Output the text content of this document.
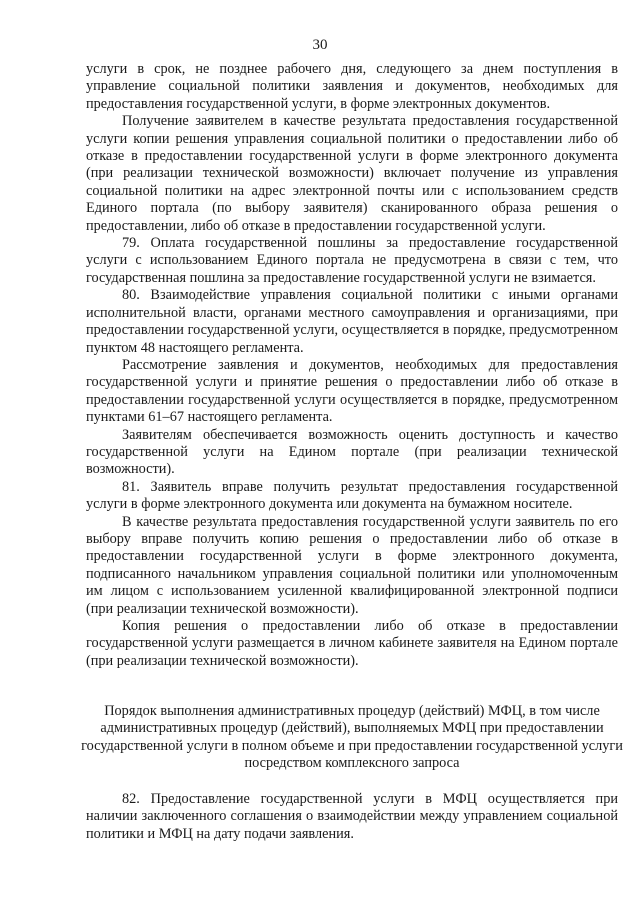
30

услуги в срок, не позднее рабочего дня, следующего за днем поступления в управление социальной политики заявления и документов, необходимых для предоставления государственной услуги, в форме электронных документов.

Получение заявителем в качестве результата предоставления государственной услуги копии решения управления социальной политики о предоставлении либо об отказе в предоставлении государственной услуги в форме электронного документа (при реализации технической возможности) включает получение из управления социальной политики на адрес электронной почты или с использованием средств Единого портала (по выбору заявителя) сканированного образа решения о предоставлении, либо об отказе в предоставлении государственной услуги.

79. Оплата государственной пошлины за предоставление государственной услуги с использованием Единого портала не предусмотрена в связи с тем, что государственная пошлина за предоставление государственной услуги не взимается.

80. Взаимодействие управления социальной политики с иными органами исполнительной власти, органами местного самоуправления и организациями, при предоставлении государственной услуги, осуществляется в порядке, предусмотренном пунктом 48 настоящего регламента.

Рассмотрение заявления и документов, необходимых для предоставления государственной услуги и принятие решения о предоставлении либо об отказе в предоставлении государственной услуги осуществляется в порядке, предусмотренном пунктами 61–67 настоящего регламента.

Заявителям обеспечивается возможность оценить доступность и качество государственной услуги на Едином портале (при реализации технической возможности).

81. Заявитель вправе получить результат предоставления государственной услуги в форме электронного документа или документа на бумажном носителе.

В качестве результата предоставления государственной услуги заявитель по его выбору вправе получить копию решения о предоставлении либо об отказе в предоставлении государственной услуги в форме электронного документа, подписанного начальником управления социальной политики или уполномоченным им лицом с использованием усиленной квалифицированной электронной подписи (при реализации технической возможности).

Копия решения о предоставлении либо об отказе в предоставлении государственной услуги размещается в личном кабинете заявителя на Едином портале (при реализации технической возможности).

Порядок выполнения административных процедур (действий) МФЦ, в том числе административных процедур (действий), выполняемых МФЦ при предоставлении государственной услуги в полном объеме и при предоставлении государственной услуги посредством комплексного запроса

82. Предоставление государственной услуги в МФЦ осуществляется при наличии заключенного соглашения о взаимодействии между управлением социальной политики и МФЦ на дату подачи заявления.
